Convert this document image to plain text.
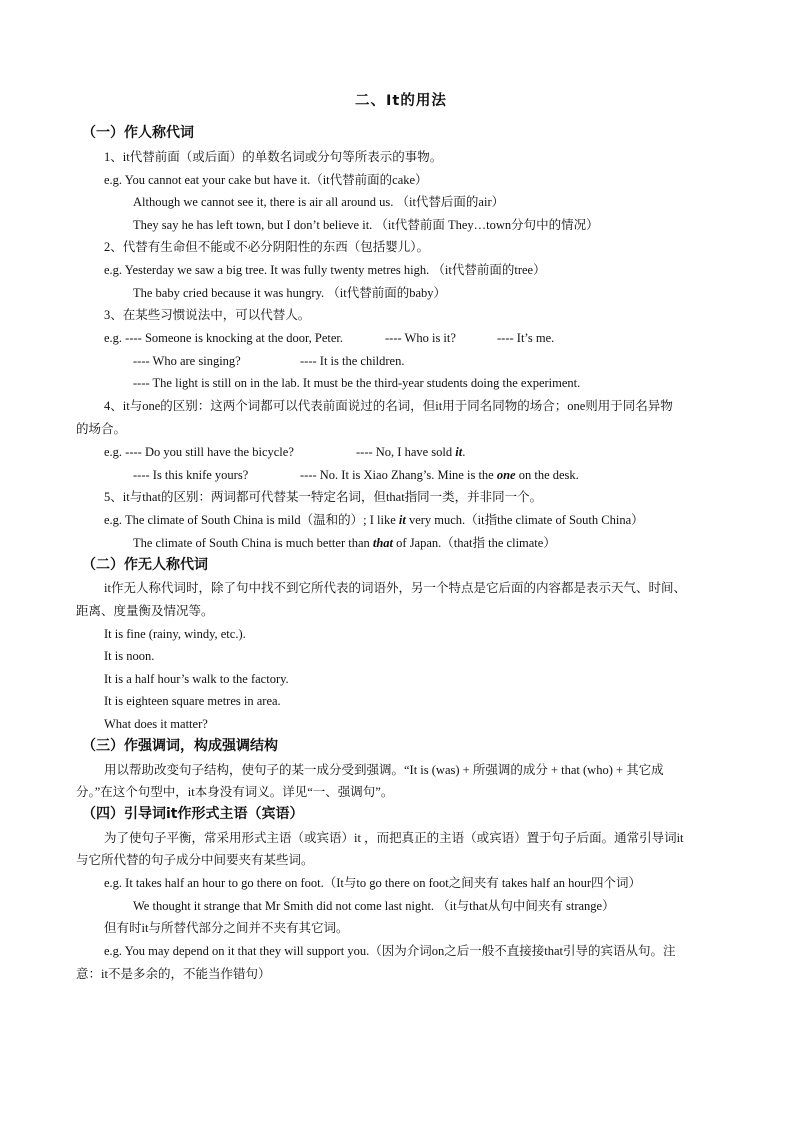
二、It的用法
（一）作人称代词
1、it代替前面（或后面）的单数名词或分句等所表示的事物。
e.g. You cannot eat your cake but have it.（it代替前面的cake）
Although we cannot see it, there is air all around us. （it代替后面的air）
They say he has left town, but I don’t believe it. （it代替前面 They…town分句中的情况）
2、代替有生命但不能或不必分阴阳性的东西（包括婴儿）。
e.g. Yesterday we saw a big tree. It was fully twenty metres high. （it代替前面的tree）
The baby cried because it was hungry. （it代替前面的baby）
3、在某些习惯说法中，可以代替人。
e.g. ---- Someone is knocking at the door, Peter.	---- Who is it?	---- It’s me.
---- Who are singing?	---- It is the children.
---- The light is still on in the lab. It must be the third-year students doing the experiment.
4、it与one的区别：这两个词都可以代表前面说过的名词，但it用于同名同物的场合；one则用于同名异物
的场合。
e.g. ---- Do you still have the bicycle?	---- No, I have sold it.
---- Is this knife yours?	---- No. It is Xiao Zhang’s. Mine is the one on the desk.
5、it与that的区别：两词都可代替某一特定名词，但that指同一类，并非同一个。
e.g. The climate of South China is mild（温和的）; I like it very much.（it指the climate of South China）
The climate of South China is much better than that of Japan.（that指 the climate）
（二）作无人称代词
it作无人称代词时，除了句中找不到它所代表的词语外，另一个特点是它后面的内容都是表示天气、时间、
距离、度量衡及情况等。
It is fine (rainy, windy, etc.).
It is noon.
It is a half hour’s walk to the factory.
It is eighteen square metres in area.
What does it matter?
（三）作强调词，构成强调结构
用以帮助改变句子结构，使句子的某一成分受到强调。“It is (was) + 所强调的成分 + that (who) + 其它成
分。”在这个句型中，it本身没有词义。详见“一、强调句”。
（四）引导词it作形式主语（宾语）
为了使句子平衡，常采用形式主语（或宾语）it ，而把真正的主语（或宾语）置于句子后面。通常引导词it
与它所代替的句子成分中间要夹有某些词。
e.g. It takes half an hour to go there on foot.（It与to go there on foot之间夹有 takes half an hour四个词）
We thought it strange that Mr Smith did not come last night. （it与that从句中间夹有 strange）
但有时it与所替代部分之间并不夹有其它词。
e.g. You may depend on it that they will support you.（因为介词on之后一般不直接接that引导的宾语从句。注
意：it不是多余的，不能当作错句）
